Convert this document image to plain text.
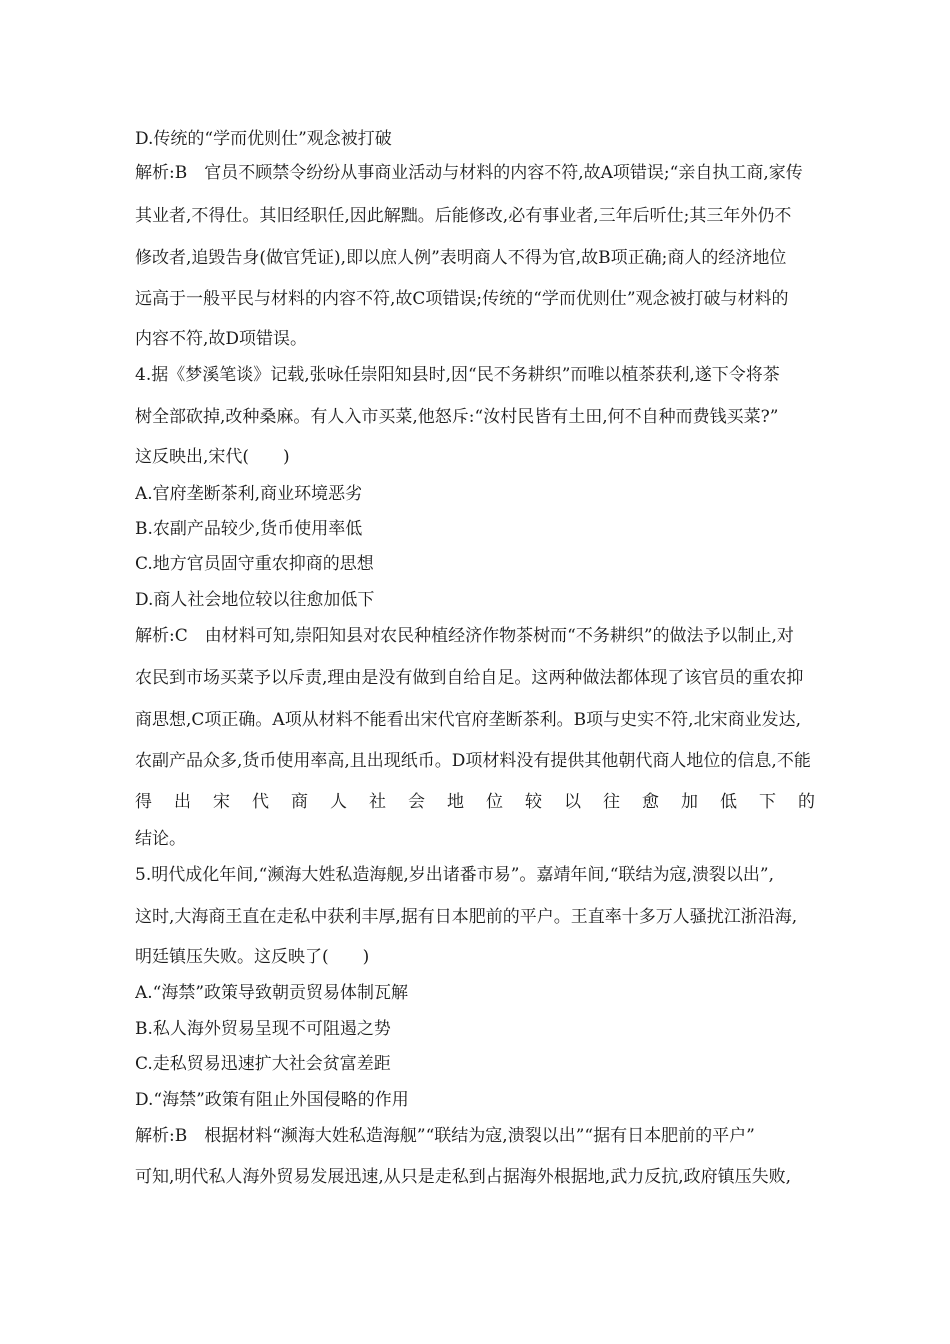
D.传统的“学而优则仕”观念被打破
解析:B　官员不顾禁令纷纷从事商业活动与材料的内容不符,故A项错误;“亲自执工商,家传
其业者,不得仕。其旧经职任,因此解黜。后能修改,必有事业者,三年后听仕;其三年外仍不
修改者,追毁告身(做官凭证),即以庶人例”表明商人不得为官,故B项正确;商人的经济地位
远高于一般平民与材料的内容不符,故C项错误;传统的“学而优则仕”观念被打破与材料的
内容不符,故D项错误。
4.据《梦溪笔谈》记载,张咏任崇阳知县时,因“民不务耕织”而唯以植茶获利,遂下令将茶
树全部砍掉,改种桑麻。有人入市买菜,他怒斥:“汝村民皆有土田,何不自种而费钱买菜?”
这反映出,宋代(　　)
A.官府垄断茶利,商业环境恶劣
B.农副产品较少,货币使用率低
C.地方官员固守重农抑商的思想
D.商人社会地位较以往愈加低下
解析:C　由材料可知,崇阳知县对农民种植经济作物茶树而“不务耕织”的做法予以制止,对
农民到市场买菜予以斥责,理由是没有做到自给自足。这两种做法都体现了该官员的重农抑
商思想,C项正确。A项从材料不能看出宋代官府垄断茶利。B项与史实不符,北宋商业发达,
农副产品众多,货币使用率高,且出现纸币。D项材料没有提供其他朝代商人地位的信息,不能
得 出 宋 代 商 人 社 会 地 位 较 以 往 愈 加 低 下 的
结论。
5.明代成化年间,“濒海大姓私造海舰,岁出诸番市易”。嘉靖年间,“联结为寇,溃裂以出”,
这时,大海商王直在走私中获利丰厚,据有日本肥前的平户。王直率十多万人骚扰江浙沿海,
明廷镇压失败。这反映了(　　)
A.“海禁”政策导致朝贡贸易体制瓦解
B.私人海外贸易呈现不可阻遏之势
C.走私贸易迅速扩大社会贫富差距
D.“海禁”政策有阻止外国侵略的作用
解析:B　根据材料“濒海大姓私造海舰”“联结为寇,溃裂以出”“据有日本肥前的平户”
可知,明代私人海外贸易发展迅速,从只是走私到占据海外根据地,武力反抗,政府镇压失败,
